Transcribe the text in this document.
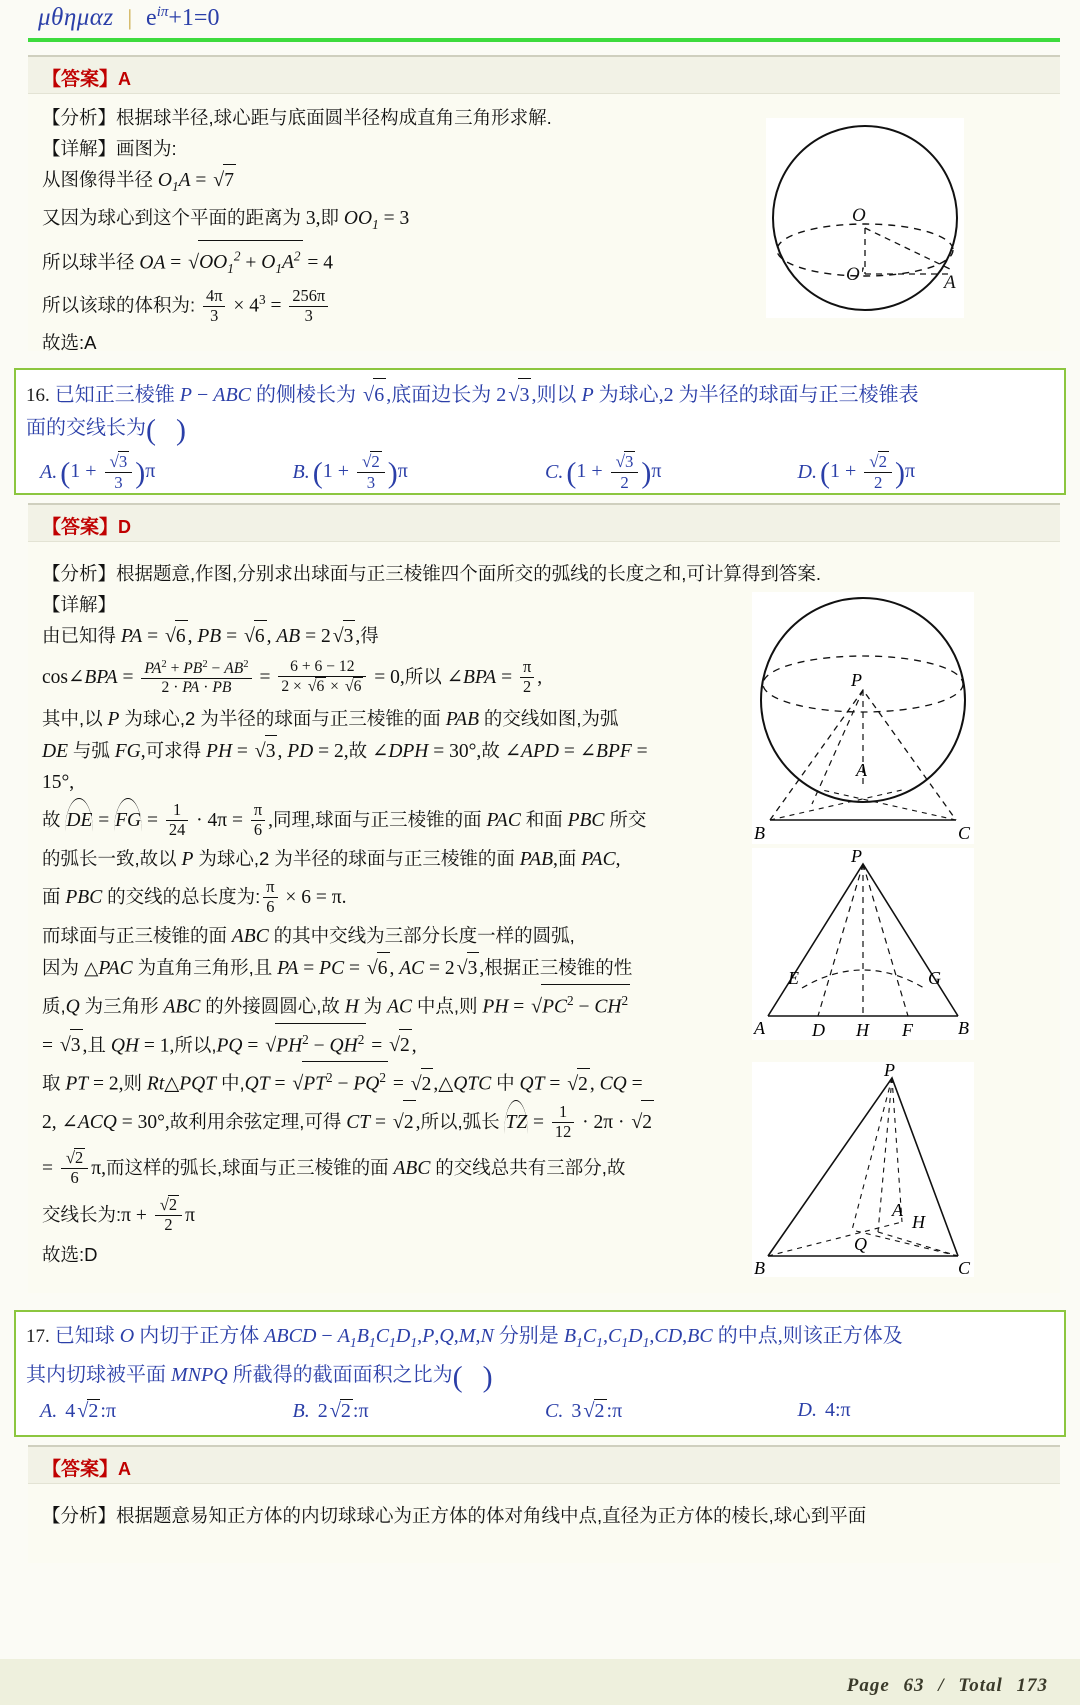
μθημαz | $e^{i\pi}+1=0$
【答案】A
【分析】根据球半径,球心距与底面圆半径构成直角三角形求解.
【详解】画图为:
从图像得半径 $O_1A = √7$
又因为球心到这个平面的距离为 3,即 $OO_1 = 3$
所以球半径 OA = $√OO_1^2 + O_1A^2 = 4$
所以该球的体积为: $\frac{4\pi}{3} \times 4^3 = \frac{256\pi}{3}$
故选:A
O
O'	A
16. 已知正三棱锥 P − ABC 的侧棱长为 √6 ,底面边长为 2√3 ,则以 P 为球心,2 为半径的球面与正三棱锥表
面的交线长为( )
A. $(1 + \frac{√3}{3} )\pi$	B. $(1 + \frac{√2}{3} )\pi$	C. $(1 + \frac{√3}{2} )\pi$	D. $(1 + \frac{√2}{2} )\pi$
【答案】D
【分析】根据题意,作图,分别求出球面与正三棱锥四个面所交的弧线的长度之和,可计算得到答案.
【详解】
由已知得 PA = √6 , PB = √6 , AB = 2 √3 ,得
cos∠BPA = $\frac{PA^2 + PB^2 - AB^2}{2 \cdot PA \cdot PB} = \frac{6 + 6 - 12}{2 \times √6 \times √6} = 0$,所以 ∠BPA = $\frac{\pi}{2}$ ,
其中,以 P 为球心,2 为半径的球面与正三棱锥的面 PAB 的交线如图,为弧
DE 与弧 FG,可求得 PH = √3 , PD = 2,故 ∠DPH = 30°,故 ∠APD = ∠BPF =
15°,
故 DE = FG = $\frac{1}{24} \cdot 4\pi = \frac{\pi}{6}$ ,同理,球面与正三棱锥的面 PAC 和面 PBC 所交
的弧长一致,故以 P 为球心,2 为半径的球面与正三棱锥的面 PAB,面 PAC,
面 PBC 的交线的总长度为: $\frac{\pi}{6} \times 6 = \pi$.
而球面与正三棱锥的面 ABC 的其中交线为三部分长度一样的圆弧,
因为 △PAC 为直角三角形,且 PA = PC = √6 , AC = 2 √3 ,根据正三棱锥的性
质,Q 为三角形 ABC 的外接圆圆心,故 H 为 AC 中点,则 PH = $√PC^2 - CH^2$
= √3 ,且 QH = 1,所以$,PQ = √PH^2 - QH^2 = √2$ ,
取 PT = 2,则 Rt△PQT 中$,QT = √PT^2 - PQ^2 = √2$ ,△QTC 中 QT = √2 , CQ =
2, ∠ACQ = 30°,故利用余弦定理,可得 CT = √2 ,所以,弧长 TZ = $\frac{1}{12} \cdot 2\pi \cdot √2$
= $\frac{√2}{6} \pi$,而这样的弧长,球面与正三棱锥的面 ABC 的交线总共有三部分,故
交线长为:π + $\frac{√2}{2}$ π
故选:D
P
A
B	C
P
E	G
A	D H F	B
P
A
H
B
Q
C
17. 已知球 O 内切于正方体 ABCD − $A_1B_1C_1D_1,P,Q,M,N$ 分别是 $B_1C_1,C_1D_1,CD,BC$ 的中点,则该正方体及
其内切球被平面 MNPQ 所截得的截面面积之比为( )
A. 4√2 :π	B. 2√2 :π	C. 3√2 :π	D. 4:π
【答案】A
【分析】根据题意易知正方体的内切球球心为正方体的体对角线中点,直径为正方体的棱长,球心到平面
Page 63 / Total 173
